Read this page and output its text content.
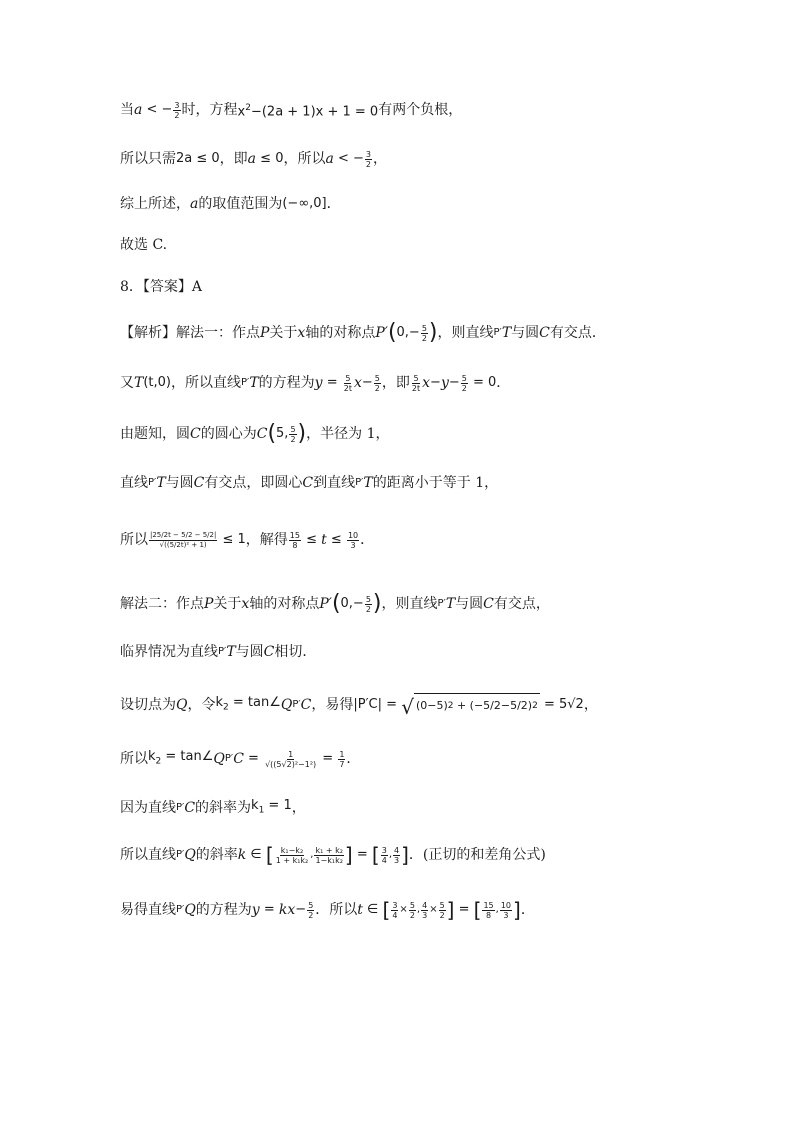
当 a < − $\frac{3}{2}$ 时，方程 $x^2-(2a + 1)x + 1 = 0$ 有两个负根，
所以只需 2a ≤ 0 ，即 a ≤ 0 ，所以 a < − $\frac{3}{2}$ ，
综上所述， a 的取值范围为 (−∞,0] ．
故选 C.
8．【答案】A
【解析】解法一：作点 P 关于 x 轴的对称点 P′ ( $0,- \frac{5}{2}$ ) ，则直线 P′ T 与圆 C 有交点．
又 T (t,0) ，所以直线 P′ T 的方程为 $y = \frac{5}{2t}$ $x - \frac{5}{2}$ ，即 $\frac{5}{2t}$ $x - y - \frac{5}{2} = 0$ ．
由题知，圆 C 的圆心为 C ( 5, $\frac{5}{2}$ ) ，半径为 1，
直线 P′ T 与圆 C 有交点，即圆心 C 到直线 P′ T 的距离小于等于 1，
所以 $\frac{|25/2t - 5/2 - 5/2|}{\text{√((5/2t)² + 1)}} \le 1$ ，解得 $\frac{15}{8} \le t \le \frac{10}{3}$ ．
解法二：作点 P 关于 x 轴的对称点 P′ ( $0,- \frac{5}{2}$ ) ，则直线 P′ T 与圆 C 有交点，
临界情况为直线 P′ T 与圆 C 相切．
设切点为 Q ，令 $k_2$ = tan∠ Q P′ C ，易得 |P′C| = √ (0−5) 2 + (−5/2−5/2) 2 = 5√2 ，
所以 $k_2$ = tan∠ Q P′ $C = \frac{1}{\text{√((5√2)²−1²)}} = \frac{1}{7}$ ．
因为直线 P′ C 的斜率为 $k_1 = 1$ ，
所以直线 P′ Q 的斜率 k ∈ [ $\frac{\text{k₁−k₂}}{\text{1 + k₁k₂}}$ , $\frac{\text{k₁ + k₂}}{\text{1−k₁k₂}}$ ] = [ $\frac{3}{4}$ , $\frac{4}{3}$ ] ．(正切的和差角公式)
易得直线 P′ Q 的方程为 y = kx − $\frac{5}{2}$ ．所以 t ∈ [ $\frac{3}{4} \times \frac{5}{2}$ , $\frac{4}{3} \times \frac{5}{2}$ ] = [ $\frac{15}{8}$ , $\frac{10}{3}$ ] ．
